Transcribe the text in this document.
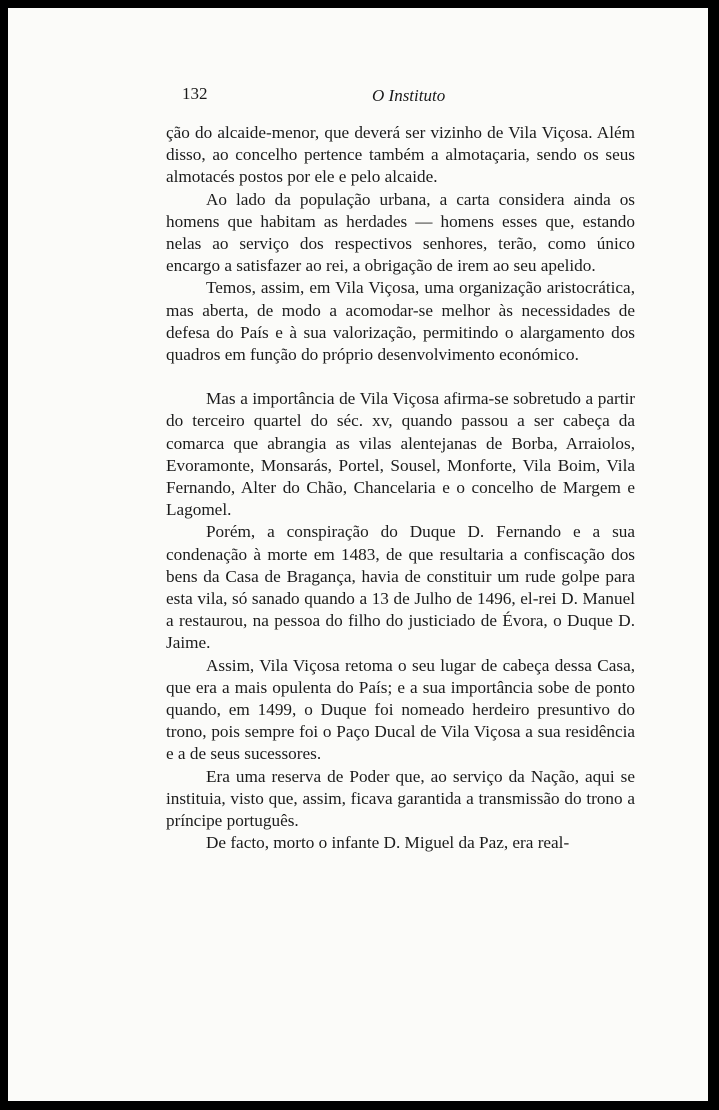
132	O Instituto

ção do alcaide-menor, que deverá ser vizinho de Vila Viçosa. Além disso, ao concelho pertence também a almotaçaria, sendo os seus almotacés postos por ele e pelo alcaide.

Ao lado da população urbana, a carta considera ainda os homens que habitam as herdades — homens esses que, estando nelas ao serviço dos respectivos senhores, terão, como único encargo a satisfazer ao rei, a obrigação de irem ao seu apelido.

Temos, assim, em Vila Viçosa, uma organização aristocrática, mas aberta, de modo a acomodar-se melhor às necessidades de defesa do País e à sua valorização, permitindo o alargamento dos quadros em função do próprio desenvolvimento económico.

Mas a importância de Vila Viçosa afirma-se sobretudo a partir do terceiro quartel do séc. xv, quando passou a ser cabeça da comarca que abrangia as vilas alentejanas de Borba, Arraiolos, Evoramonte, Monsarás, Portel, Sousel, Monforte, Vila Boim, Vila Fernando, Alter do Chão, Chancelaria e o concelho de Margem e Lagomel.

Porém, a conspiração do Duque D. Fernando e a sua condenação à morte em 1483, de que resultaria a confiscação dos bens da Casa de Bragança, havia de constituir um rude golpe para esta vila, só sanado quando a 13 de Julho de 1496, el-rei D. Manuel a restaurou, na pessoa do filho do justiciado de Évora, o Duque D. Jaime.

Assim, Vila Viçosa retoma o seu lugar de cabeça dessa Casa, que era a mais opulenta do País; e a sua importância sobe de ponto quando, em 1499, o Duque foi nomeado herdeiro presuntivo do trono, pois sempre foi o Paço Ducal de Vila Viçosa a sua residência e a de seus sucessores.

Era uma reserva de Poder que, ao serviço da Nação, aqui se instituia, visto que, assim, ficava garantida a transmissão do trono a príncipe português.

De facto, morto o infante D. Miguel da Paz, era real-
